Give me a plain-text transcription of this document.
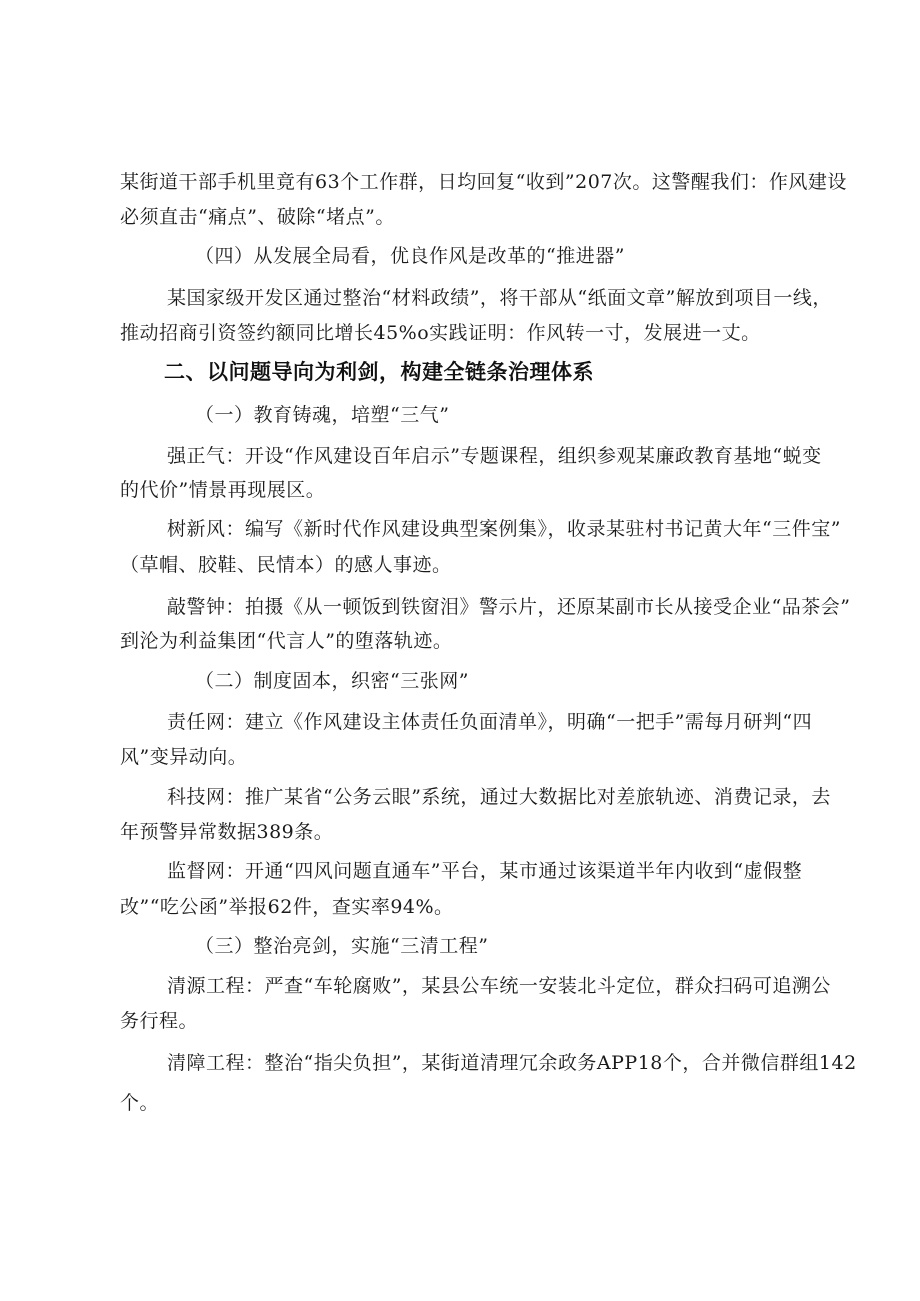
某街道干部手机里竟有63个工作群，日均回复“收到”207次。这警醒我们：作风建设
必须直击“痛点”、破除“堵点”。
（四）从发展全局看，优良作风是改革的“推进器”
某国家级开发区通过整治“材料政绩”，将干部从“纸面文章”解放到项目一线，
推动招商引资签约额同比增长45%o实践证明：作风转一寸，发展进一丈。
二、以问题导向为利剑，构建全链条治理体系
（一）教育铸魂，培塑“三气”
强正气：开设“作风建设百年启示”专题课程，组织参观某廉政教育基地“蜕变
的代价”情景再现展区。
树新风：编写《新时代作风建设典型案例集》，收录某驻村书记黄大年“三件宝”
（草帽、胶鞋、民情本）的感人事迹。
敲警钟：拍摄《从一顿饭到铁窗泪》警示片，还原某副市长从接受企业“品茶会”
到沦为利益集团“代言人”的堕落轨迹。
（二）制度固本，织密“三张网”
责任网：建立《作风建设主体责任负面清单》，明确“一把手”需每月研判“四
风”变异动向。
科技网：推广某省“公务云眼”系统，通过大数据比对差旅轨迹、消费记录，去
年预警异常数据389条。
监督网：开通“四风问题直通车”平台，某市通过该渠道半年内收到“虚假整
改”“吃公函”举报62件，查实率94%。
（三）整治亮剑，实施“三清工程”
清源工程：严查“车轮腐败”，某县公车统一安装北斗定位，群众扫码可追溯公
务行程。
清障工程：整治“指尖负担”，某街道清理冗余政务APP18个，合并微信群组142
个。
